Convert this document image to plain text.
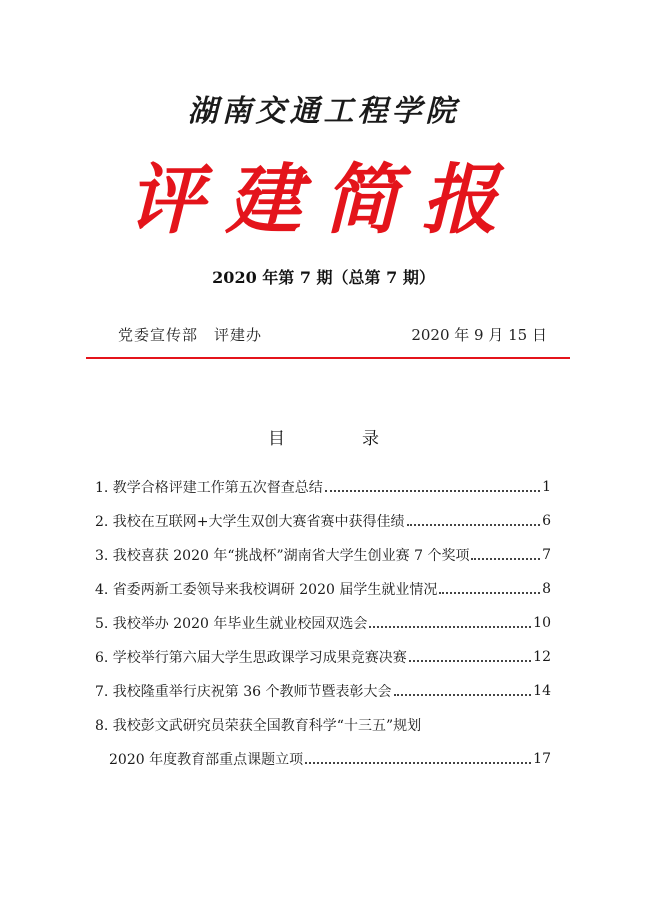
湖南交通工程学院
评建简报
2020 年第 7 期（总第 7 期）
党委宣传部　评建办	2020 年 9 月 15 日
目　录
1. 教学合格评建工作第五次督查总结	1
2. 我校在互联网+大学生双创大赛省赛中获得佳绩	6
3. 我校喜获 2020 年“挑战杯”湖南省大学生创业赛 7 个奖项	7
4. 省委两新工委领导来我校调研 2020 届学生就业情况	8
5. 我校举办 2020 年毕业生就业校园双选会	10
6. 学校举行第六届大学生思政课学习成果竞赛决赛	12
7. 我校隆重举行庆祝第 36 个教师节暨表彰大会	14
8. 我校彭文武研究员荣获全国教育科学“十三五”规划
2020 年度教育部重点课题立项	17
